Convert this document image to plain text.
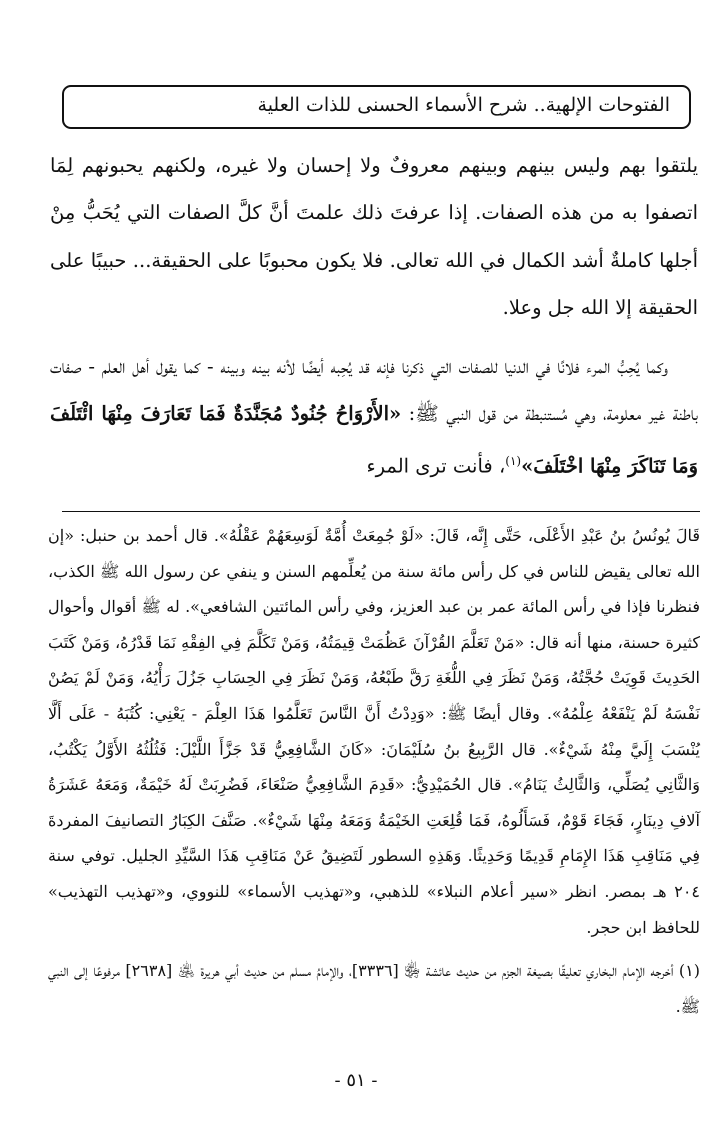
الفتوحات الإلهية.. شرح الأسماء الحسنى للذات العلية

يلتقوا بهم وليس بينهم وبينهم معروفٌ ولا إحسان ولا غيره، ولكنهم يحبونهم لِمَا اتصفوا به من هذه الصفات. إذا عرفتَ ذلك علمتَ أنَّ كلَّ الصفات التي يُحَبُّ مِنْ أجلها كاملةٌ أشد الكمال في الله تعالى. فلا يكون محبوبًا على الحقيقة... حبيبًا على الحقيقة إلا الله جل وعلا.

وكما يُحِبُّ المرء فلانًا في الدنيا للصفات التي ذكرنا فإنه قد يُحِبه أيضًا لأنه بينه وبينه - كما يقول أهل العلم - صفات باطنة غير معلومة، وهي مُستنبطة من قول النبي ﷺ: «الأَرْوَاحُ جُنُودٌ مُجَنَّدَةٌ فَمَا تَعَارَفَ مِنْهَا ائْتَلَفَ وَمَا تَنَاكَرَ مِنْهَا اخْتَلَفَ»$^{(١)}$، فأنت ترى المرء

قَالَ يُونُسُ بنُ عَبْدِ الأَعْلَى، حَتَّى إِنَّه، قَالَ: «لَوْ جُمِعَتْ أُمَّةٌ لَوَسِعَهُمْ عَقْلُهُ». قال أحمد بن حنبل: «إن الله تعالى يقيض للناس في كل رأس مائة سنة من يُعلِّمهم السنن و ينفي عن رسول الله ﷺ الكذب، فنظرنا فإذا في رأس المائة عمر بن عبد العزيز، وفي رأس المائتين الشافعي». له ﷺ أقوال وأحوال كثيرة حسنة، منها أنه قال: «مَنْ تَعَلَّمَ القُرْآنَ عَظُمَتْ قِيمَتُهُ، وَمَنْ تَكَلَّمَ فِي الفِقْهِ نَمَا قَدْرُهُ، وَمَنْ كَتَبَ الحَدِيثَ قَوِيَتْ حُجَّتُهُ، وَمَنْ نَظَرَ فِي اللُّغَةِ رَقَّ طَبْعُهُ، وَمَنْ نَظَرَ فِي الحِسَابِ جَزُلَ رَأْيُهُ، وَمَنْ لَمْ يَصُنْ نَفْسَهُ لَمْ يَنْفَعْهُ عِلْمُهُ». وقال أيضًا ﷺ: «وَدِدْتُ أَنَّ النَّاسَ تَعَلَّمُوا هَذَا العِلْمَ - يَعْنِي: كُتُبَهُ - عَلَى أَلَّا يُنْسَبَ إِلَيَّ مِنْهُ شَيْءٌ». قال الرَّبِيعُ بنُ سُلَيْمَانَ: «كَانَ الشَّافِعِيُّ قَدْ جَزَّأَ اللَّيْلَ: فَثُلُثُهُ الأَوَّلُ يَكْتُبُ، وَالثَّانِي يُصَلِّي، وَالثَّالِثُ يَنَامُ». قال الحُمَيْدِيُّ: «قَدِمَ الشَّافِعِيُّ صَنْعَاءَ، فَضُرِبَتْ لَهُ خَيْمَةٌ، وَمَعَهُ عَشَرَةُ آلافِ دِينَارٍ، فَجَاءَ قَوْمٌ، فَسَأَلُوهُ، فَمَا قُلِعَتِ الخَيْمَةُ وَمَعَهُ مِنْهَا شَيْءٌ». صَنَّفَ الكِبَارُ التصانيفَ المفردةَ فِي مَنَاقِبِ هَذَا الإِمَامِ قَدِيمًا وَحَدِيثًا. وَهَذِهِ السطور لَتَضِيقُ عَنْ مَنَاقِبِ هَذَا السَّيِّدِ الجليل. توفي سنة ٢٠٤ هـ بمصر. انظر «سير أعلام النبلاء» للذهبي، و«تهذيب الأسماء» للنووي، و«تهذيب التهذيب» للحافظ ابن حجر.

(١) أخرجه الإمام البخاري تعليقًا بصيغة الجزم من حديث عائشة ﵂ [٣٣٣٦]، والإمامُ مسلم من حديث أبي هريرة ﵁ [٢٦٣٨] مرفوعًا إلى النبي ﷺ.

- ٥١ -
